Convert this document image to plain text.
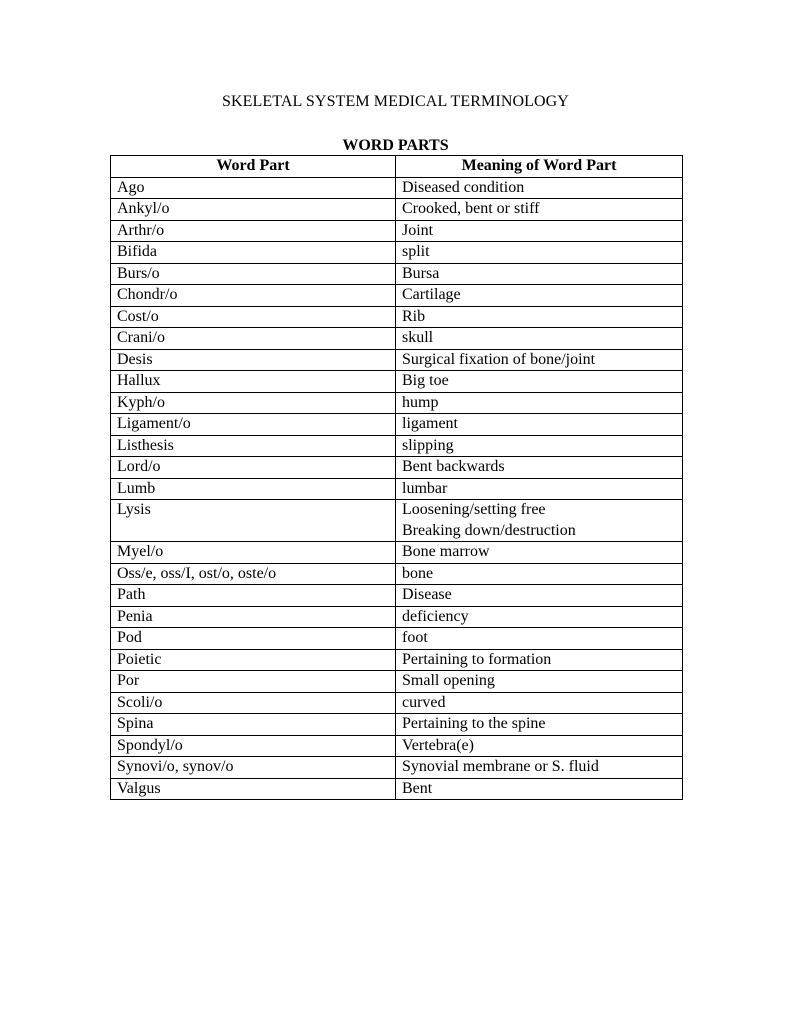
SKELETAL SYSTEM MEDICAL TERMINOLOGY
WORD PARTS
Word Part	Meaning of Word Part
Ago	Diseased condition

Ankyl/o	Crooked, bent or stiff

Arthr/o	Joint

Bifida	split

Burs/o	Bursa

Chondr/o	Cartilage

Cost/o	Rib

Crani/o	skull

Desis	Surgical fixation of bone/joint

Hallux	Big toe

Kyph/o	hump

Ligament/o	ligament

Listhesis	slipping

Lord/o	Bent backwards

Lumb	lumbar

Lysis	Loosening/setting free
Breaking down/destruction

Myel/o	Bone marrow

Oss/e, oss/I, ost/o, oste/o	bone

Path	Disease

Penia	deficiency

Pod	foot

Poietic	Pertaining to formation

Por	Small opening

Scoli/o	curved

Spina	Pertaining to the spine

Spondyl/o	Vertebra(e)

Synovi/o, synov/o	Synovial membrane or S. fluid

Valgus	Bent
